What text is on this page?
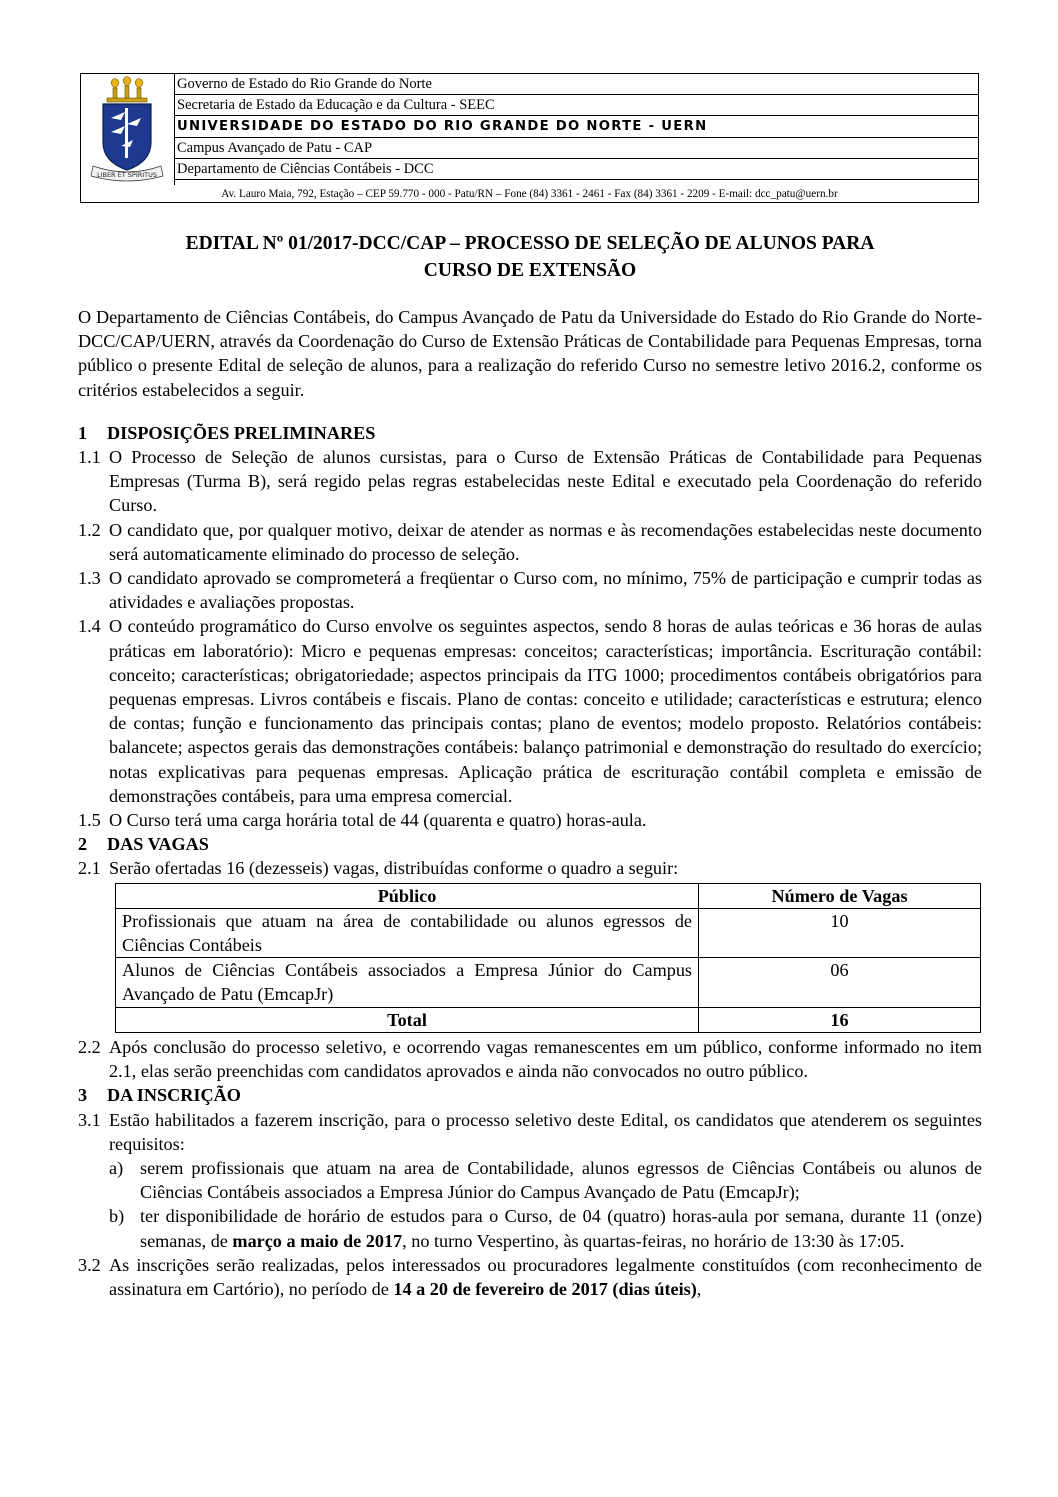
LIBER ET SPIRITUS
Governo de Estado do Rio Grande do Norte
Secretaria de Estado da Educação e da Cultura - SEEC
UNIVERSIDADE DO ESTADO DO RIO GRANDE DO NORTE - UERN
Campus Avançado de Patu - CAP
Departamento de Ciências Contábeis - DCC
Av. Lauro Maia, 792, Estação – CEP 59.770 - 000 - Patu/RN – Fone (84) 3361 - 2461 - Fax (84) 3361 - 2209 - E-mail: dcc_patu@uern.br
EDITAL Nº 01/2017-DCC/CAP – PROCESSO DE SELEÇÃO DE ALUNOS PARA
CURSO DE EXTENSÃO

O Departamento de Ciências Contábeis, do Campus Avançado de Patu da Universidade do Estado do Rio Grande do Norte-DCC/CAP/UERN, através da Coordenação do Curso de Extensão Práticas de Contabilidade para Pequenas Empresas, torna público o presente Edital de seleção de alunos, para a realização do referido Curso no semestre letivo 2016.2, conforme os critérios estabelecidos a seguir.

1	DISPOSIÇÕES PRELIMINARES
1.1 O Processo de Seleção de alunos cursistas, para o Curso de Extensão Práticas de Contabilidade para Pequenas Empresas (Turma B), será regido pelas regras estabelecidas neste Edital e executado pela Coordenação do referido Curso.
1.2 O candidato que, por qualquer motivo, deixar de atender as normas e às recomendações estabelecidas neste documento será automaticamente eliminado do processo de seleção.
1.3 O candidato aprovado se comprometerá a freqüentar o Curso com, no mínimo, 75% de participação e cumprir todas as atividades e avaliações propostas.
1.4 O conteúdo programático do Curso envolve os seguintes aspectos, sendo 8 horas de aulas teóricas e 36 horas de aulas práticas em laboratório): Micro e pequenas empresas: conceitos; características; importância. Escrituração contábil: conceito; características; obrigatoriedade; aspectos principais da ITG 1000; procedimentos contábeis obrigatórios para pequenas empresas. Livros contábeis e fiscais. Plano de contas: conceito e utilidade; características e estrutura; elenco de contas; função e funcionamento das principais contas; plano de eventos; modelo proposto. Relatórios contábeis: balancete; aspectos gerais das demonstrações contábeis: balanço patrimonial e demonstração do resultado do exercício; notas explicativas para pequenas empresas. Aplicação prática de escrituração contábil completa e emissão de demonstrações contábeis, para uma empresa comercial.
1.5 O Curso terá uma carga horária total de 44 (quarenta e quatro) horas-aula.
2	DAS VAGAS
2.1 Serão ofertadas 16 (dezesseis) vagas, distribuídas conforme o quadro a seguir:
Público	Número de Vagas
Profissionais que atuam na área de contabilidade ou alunos egressos de Ciências Contábeis	10
Alunos de Ciências Contábeis associados a Empresa Júnior do Campus Avançado de Patu (EmcapJr)	06
Total	16
2.2 Após conclusão do processo seletivo, e ocorrendo vagas remanescentes em um público, conforme informado no item 2.1, elas serão preenchidas com candidatos aprovados e ainda não convocados no outro público.
3	DA INSCRIÇÃO
3.1 Estão habilitados a fazerem inscrição, para o processo seletivo deste Edital, os candidatos que atenderem os seguintes requisitos:
a) serem profissionais que atuam na area de Contabilidade, alunos egressos de Ciências Contábeis ou alunos de Ciências Contábeis associados a Empresa Júnior do Campus Avançado de Patu (EmcapJr);
b) ter disponibilidade de horário de estudos para o Curso, de 04 (quatro) horas-aula por semana, durante 11 (onze) semanas, de março a maio de 2017, no turno Vespertino, às quartas-feiras, no horário de 13:30 às 17:05.
3.2 As inscrições serão realizadas, pelos interessados ou procuradores legalmente constituídos (com reconhecimento de assinatura em Cartório), no período de 14 a 20 de fevereiro de 2017 (dias úteis),
